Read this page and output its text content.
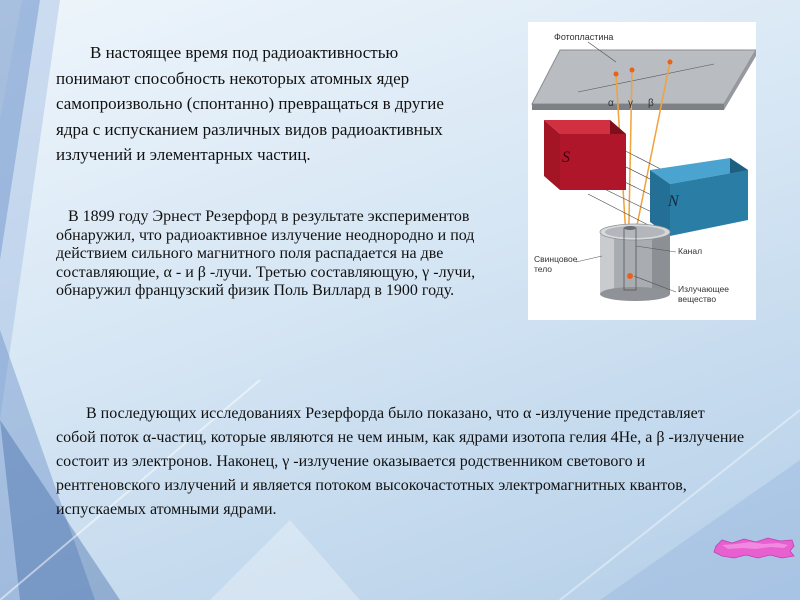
В настоящее время под радиоактивностью понимают способность некоторых атомных ядер самопроизвольно (спонтанно) превращаться в другие ядра с испусканием различных видов радиоактивных излучений и элементарных частиц.

В 1899 году Эрнест Резерфорд в результате экспериментов обнаружил, что радиоактивное излучение неоднородно и под действием сильного магнитного поля распадается на две составляющие, α - и β -лучи. Третью составляющую, γ -лучи, обнаружил французский физик Поль Виллард в 1900 году.

В последующих исследованиях Резерфорда было показано, что α -излучение представляет собой поток α-частиц, которые являются не чем иным, как ядрами изотопа гелия 4He, а β -излучение состоит из электронов. Наконец, γ -излучение оказывается родственником светового и рентгеновского излучений и является потоком высокочастотных электромагнитных квантов, испускаемых атомными ядрами.

Фотопластина
α γ β
S
N
Свинцовое
тело
Канал
Излучающее
вещество
